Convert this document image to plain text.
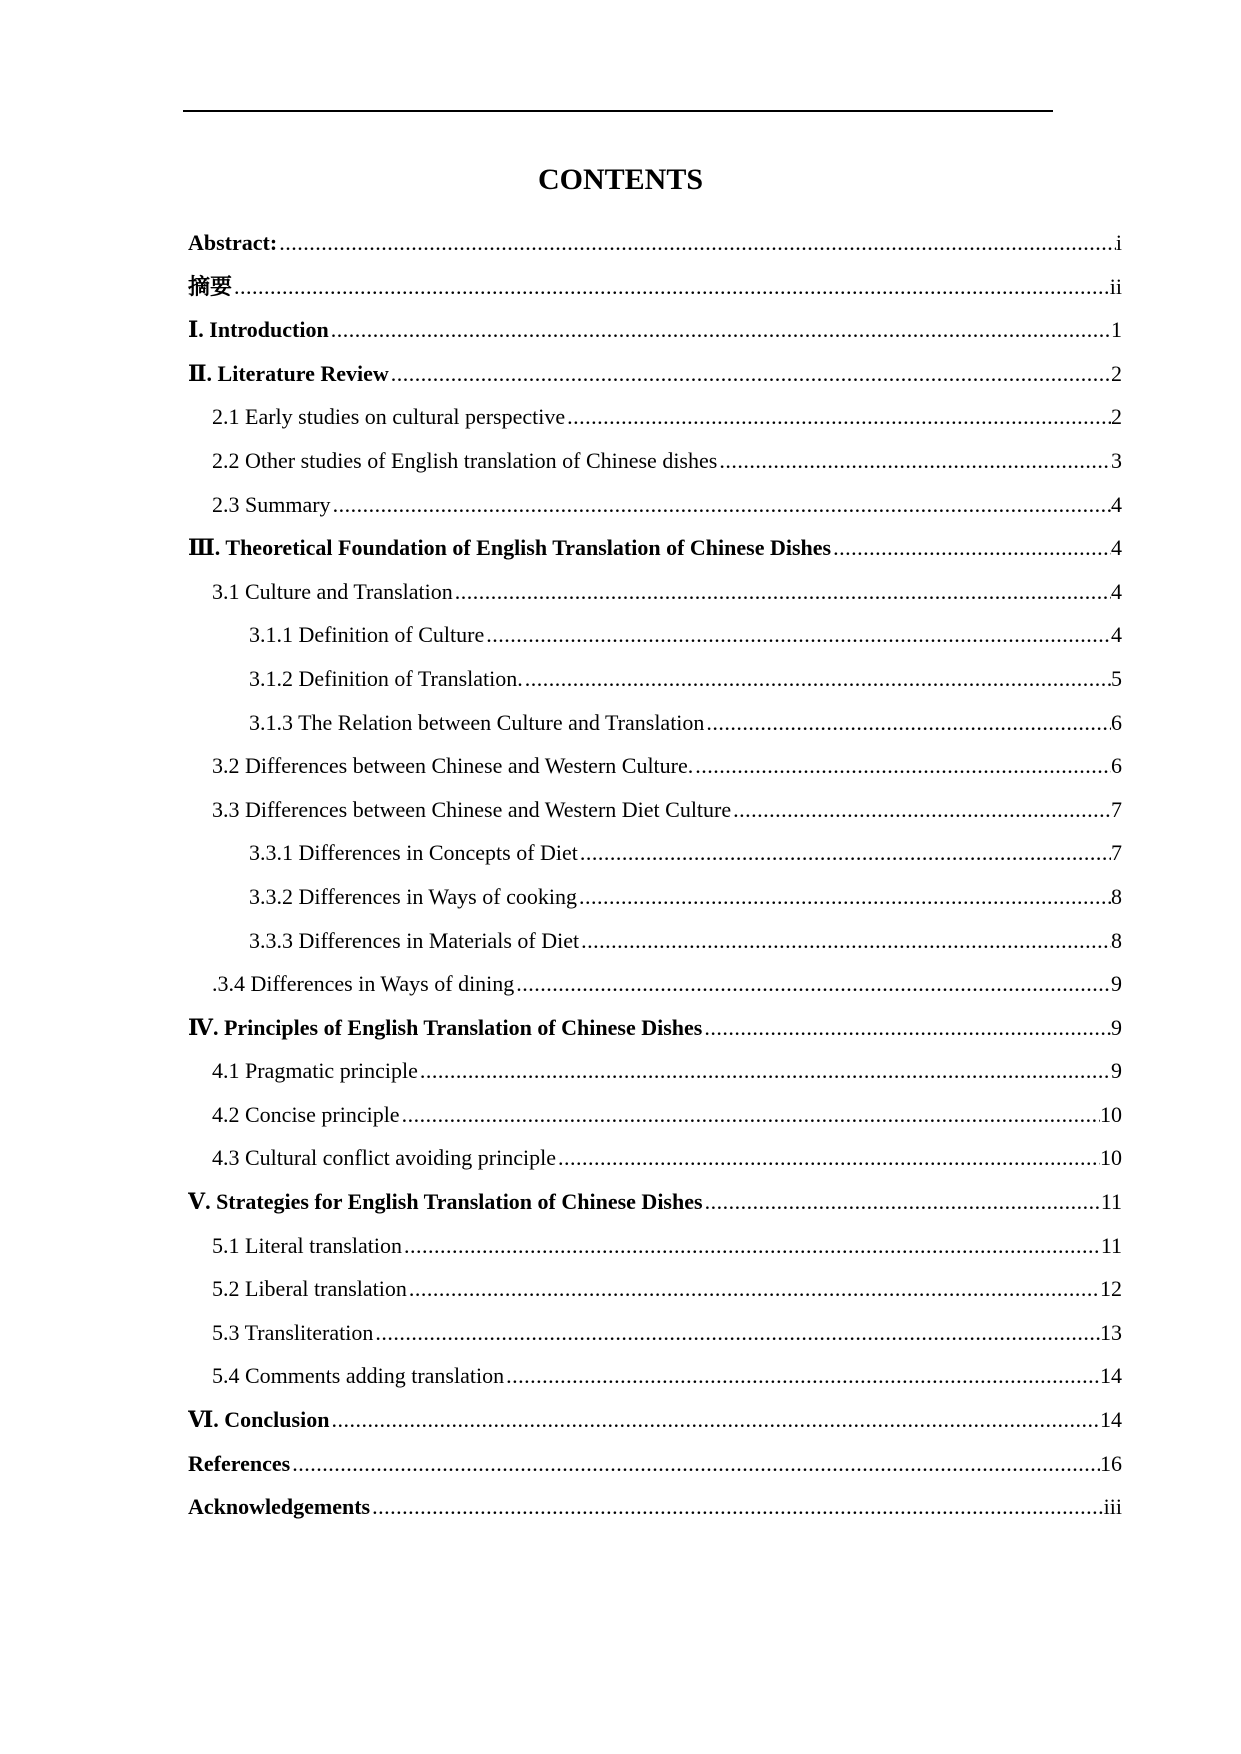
CONTENTS
Abstract: .....	i
摘要 .....	ii
Ⅰ. Introduction .....	1
Ⅱ. Literature Review .....	2
2.1 Early studies on cultural perspective .....	2
2.2 Other studies of English translation of Chinese dishes .....	3
2.3 Summary .....	4
Ⅲ. Theoretical Foundation of English Translation of Chinese Dishes .....	4
3.1 Culture and Translation .....	4
3.1.1 Definition of Culture .....	4
3.1.2 Definition of Translation. .....	5
3.1.3 The Relation between Culture and Translation .....	6
3.2 Differences between Chinese and Western Culture. .....	6
3.3 Differences between Chinese and Western Diet Culture .....	7
3.3.1 Differences in Concepts of Diet .....	7
3.3.2 Differences in Ways of cooking .....	8
3.3.3 Differences in Materials of Diet .....	8
.3.4 Differences in Ways of dining .....	9
Ⅳ. Principles of English Translation of Chinese Dishes .....	9
4.1 Pragmatic principle .....	9
4.2 Concise principle .....	10
4.3 Cultural conflict avoiding principle .....	10
Ⅴ. Strategies for English Translation of Chinese Dishes .....	11
5.1 Literal translation .....	11
5.2 Liberal translation .....	12
5.3 Transliteration .....	13
5.4 Comments adding translation .....	14
Ⅵ. Conclusion .....	14
References .....	16
Acknowledgements .....	iii
